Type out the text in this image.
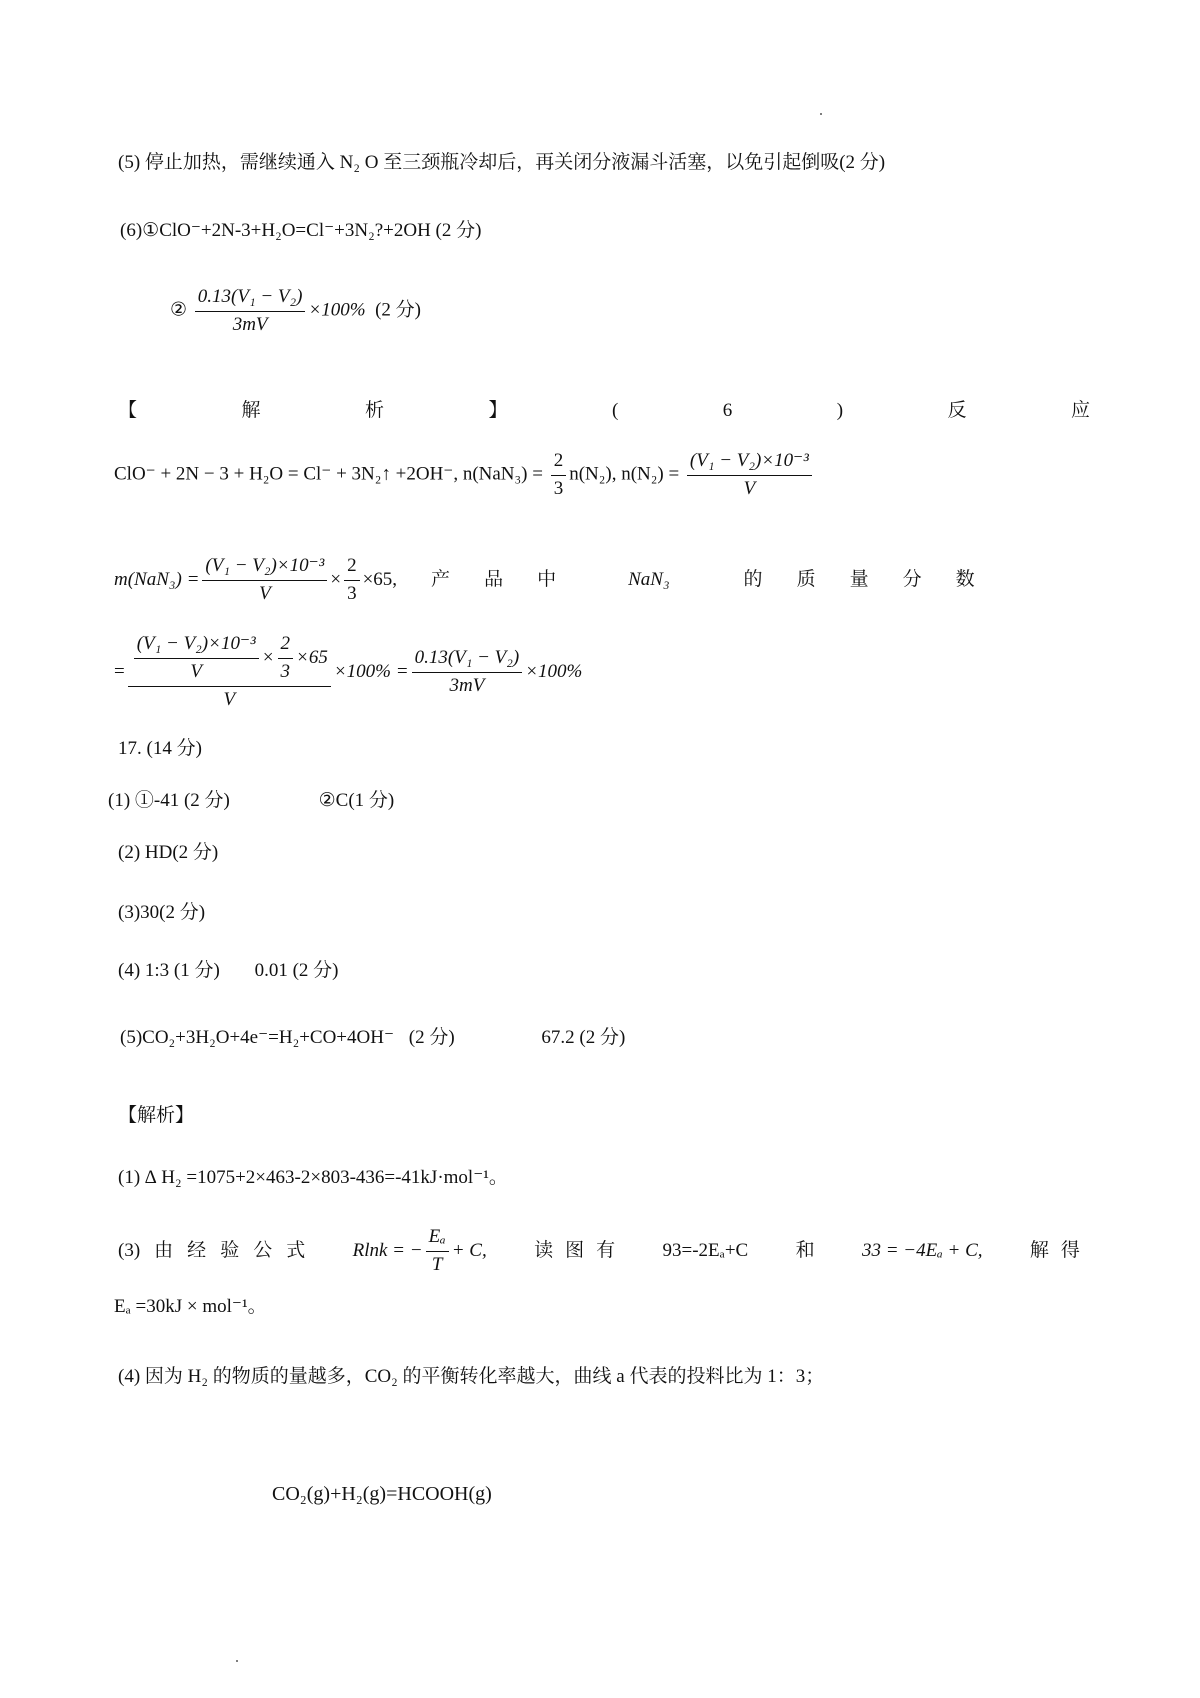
(5) 停止加热，需继续通入 N₂ O 至三颈瓶冷却后，再关闭分液漏斗活塞，以免引起倒吸(2 分)
(6)①ClO⁻+2N-3+H₂O=Cl⁻+3N₂?+2OH (2 分)
② $\frac{\text{0.13(V₁ − V₂)}}{3mV} \times 100\%$ (2 分)
【	解	析	】	(	6	)	反	应
ClO⁻ + 2N − 3 + H₂O = Cl⁻ + 3N₂↑ +2OH⁻, $n(NaN_3) = \frac{2}{3} n(N_2)$, $n(N_2) = \frac{\text{(V₁ − V₂)×10⁻³}}{V}$
$m(NaN_3) = \frac{\text{(V₁ − V₂)×10⁻³}}{V} \times \frac{2}{3} \times 65$, 产 品 中	NaN₃	的 质 量 分 数
= $\frac{\text{(V₁ − V₂)×10⁻³}}{V} \times \frac{2}{3} \times 65$
V
$\times 100\% = \frac{\text{0.13(V₁ − V₂)}}{3mV} \times 100\%$
17. (14 分)
(1) ①-41 (2 分)	②C(1 分)
(2) HD(2 分)
(3)30(2 分)
(4) 1:3 (1 分) 0.01 (2 分)
(5)CO₂+3H₂O+4e⁻=H₂+CO+4OH⁻ (2 分)	67.2 (2 分)
【解析】
(1) ∆ H₂ =1075+2×463-2×803-436=-41kJ·mol⁻¹。
(3) 由 经 验 公 式 Rlnk = − $\frac{\text{Eₐ}}{T} + C$, 读 图 有 93=-2Eₐ+C 和 33 = −4Eₐ + C, 解 得
Eₐ =30kJ × mol⁻¹。
(4) 因为 H₂ 的物质的量越多，CO₂ 的平衡转化率越大，曲线 a 代表的投料比为 1：3；
CO₂(g)+H₂(g)=HCOOH(g)
